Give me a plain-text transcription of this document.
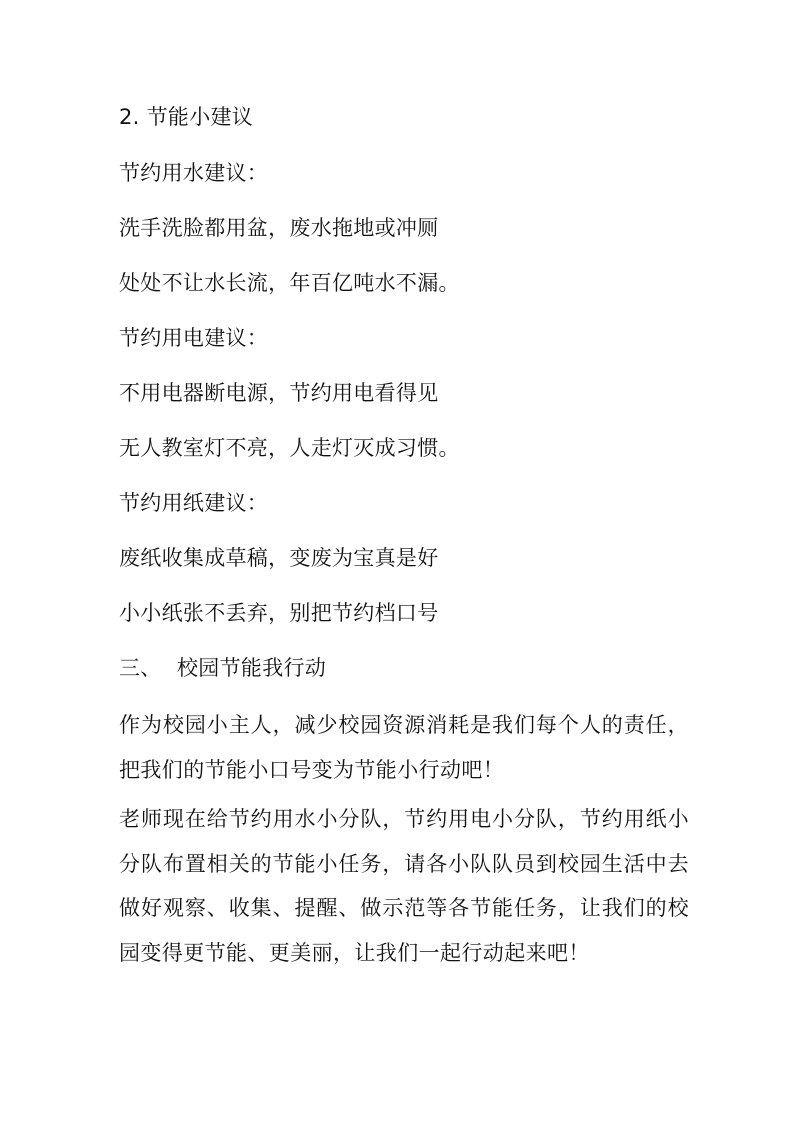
2. 节能小建议
节约用水建议：
洗手洗脸都用盆，废水拖地或冲厕
处处不让水长流，年百亿吨水不漏。
节约用电建议：
不用电器断电源，节约用电看得见
无人教室灯不亮，人走灯灭成习惯。
节约用纸建议：
废纸收集成草稿，变废为宝真是好
小小纸张不丢弃，别把节约档口号
三、 校园节能我行动
作为校园小主人，减少校园资源消耗是我们每个人的责任，把我们的节能小口号变为节能小行动吧！
老师现在给节约用水小分队，节约用电小分队，节约用纸小分队布置相关的节能小任务，请各小队队员到校园生活中去做好观察、收集、提醒、做示范等各节能任务，让我们的校园变得更节能、更美丽，让我们一起行动起来吧！
